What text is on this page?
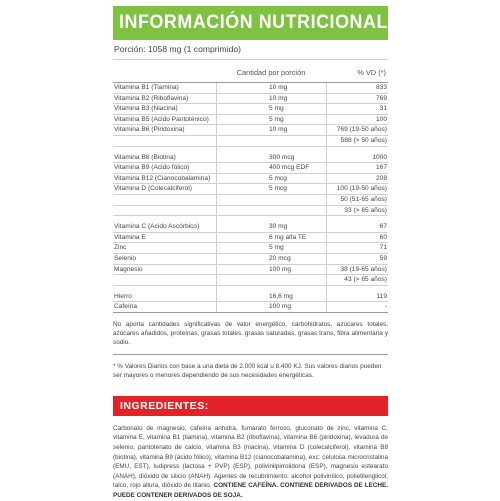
INFORMACIÓN NUTRICIONAL
Porción: 1058 mg (1 comprimido)
Cantidad por porción	% VD (*)
Vitamina B1 (Tiamina)	10 mg	833
Vitamina B2 (Riboflavina)	10 mg	769
Vitamina B3 (Niacina)	5 mg	31
Vitamina B5 (Acido Pantoténico)	5 mg	100
Vitamina B6 (Piridoxina)	10 mg	769 (19-50 años)
588 (> 50 años)
Vitamina B8 (Biotina)	300 mcg	1000
Vitamina B9 (Acido fólico)	400 mcg EDF	167
Vitamina B12 (Cianocobalamina)	5 mcg	208
Vitamina D (Colecalciferol)	5 mcg	100 (19-50 años)
50 (51-65 años)
33 (> 65 años)
Vitamina C (Acido Ascórbico)	30 mg	67
Vitamina E	6 mg alfa TE	60
Zinc	5 mg	71
Selenio	20 mcg	59
Magnesio	100 mg	38 (19-65 años)
43 (> 65 años)
Hierro	16,6 mg	119
Cafeína	100 mg	-
No aporta cantidades significativas de valor energético, carbohidratos, azúcares totales, azúcares añadidos, proteínas, grasas totales, grasas saturadas, grasas trans, fibra alimentaria y sodio.
* % Valores Diarios con base a una dieta de 2.000 kcal u 8.400 KJ. Sus valores diarios pueden ser mayores o menores dependiendo de sus necesidades energéticas.
INGREDIENTES:
Carbonato de magnesio, cafeína anhidra, fumarato ferroso, gluconato de zinc, vitamina C, vitamina E, vitamina B1 (tiamina), vitamina B2 (riboflavina), vitamina B6 (piridoxina), levadura de selenio, pantotenato de calcio, vitamina B3 (niacina), vitamina D (colecalciferol), vitamina B8 (biotina), vitamina B9 (ácido fólico), vitamina B12 (cianocobalamina), exc: celulosa microcristalina (EMU, EST), ludipress (lactosa + PVP) (ESP), polivinilpirrolidona (ESP), magnesio estearato (ANAH), dióxido de silicio (ANAH). Agentes de recubrimiento: alcohol polivinílico, polietilenglicol, talco, rojo allura, dióxido de titanio. CONTIENE CAFEÍNA. CONTIENE DERIVADOS DE LECHE. PUEDE CONTENER DERIVADOS DE SOJA.
